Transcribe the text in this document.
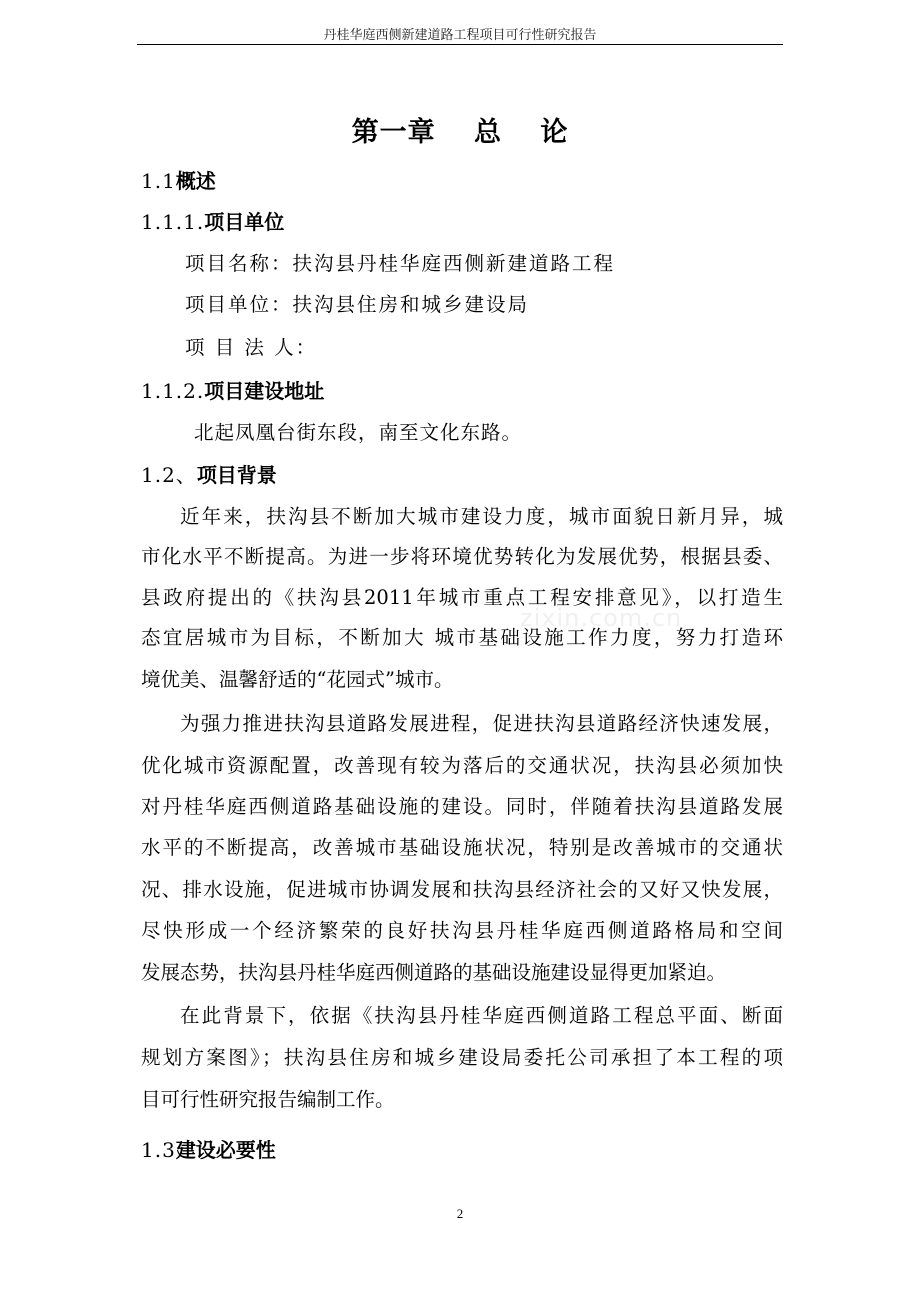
丹桂华庭西侧新建道路工程项目可行性研究报告
第一章　 总　 论
1.1概述
1.1.1.项目单位
项目名称：扶沟县丹桂华庭西侧新建道路工程
项目单位：扶沟县住房和城乡建设局
项 目 法 人：
1.1.2.项目建设地址
北起凤凰台街东段，南至文化东路。
1.2、项目背景
近年来，扶沟县不断加大城市建设力度，城市面貌日新月异，城
市化水平不断提高。为进一步将环境优势转化为发展优势，根据县委、
县政府提出的《扶沟县2011年城市重点工程安排意见》，以打造生
态宜居城市为目标，不断加大 城市基础设施工作力度，努力打造环
境优美、温馨舒适的“花园式”城市。
为强力推进扶沟县道路发展进程，促进扶沟县道路经济快速发展，
优化城市资源配置，改善现有较为落后的交通状况，扶沟县必须加快
对丹桂华庭西侧道路基础设施的建设。同时，伴随着扶沟县道路发展
水平的不断提高，改善城市基础设施状况，特别是改善城市的交通状
况、排水设施，促进城市协调发展和扶沟县经济社会的又好又快发展，
尽快形成一个经济繁荣的良好扶沟县丹桂华庭西侧道路格局和空间
发展态势，扶沟县丹桂华庭西侧道路的基础设施建设显得更加紧迫。
在此背景下，依据《扶沟县丹桂华庭西侧道路工程总平面、断面
规划方案图》；扶沟县住房和城乡建设局委托公司承担了本工程的项
目可行性研究报告编制工作。
1.3建设必要性
zixin.com.cn
2
